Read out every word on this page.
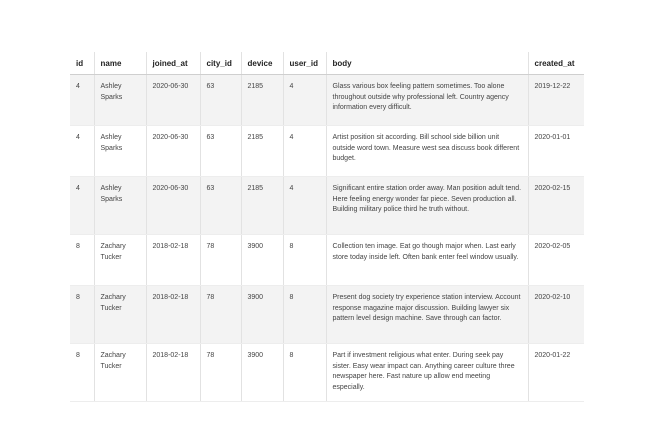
id	name	joined_at	city_id	device	user_id	body	created_at
4	Ashley Sparks	2020-06-30	63	2185	4	Glass various box feeling pattern sometimes. Too alone throughout outside why professional left. Country agency information every difficult.	2019-12-22
4	Ashley Sparks	2020-06-30	63	2185	4	Artist position sit according. Bill school side billion unit outside word town. Measure west sea discuss book different budget.	2020-01-01
4	Ashley Sparks	2020-06-30	63	2185	4	Significant entire station order away. Man position adult tend. Here feeling energy wonder far piece. Seven production all. Building military police third he truth without.	2020-02-15
8	Zachary Tucker	2018-02-18	78	3900	8	Collection ten image. Eat go though major when. Last early store today inside left. Often bank enter feel window usually.	2020-02-05
8	Zachary Tucker	2018-02-18	78	3900	8	Present dog society try experience station interview. Account response magazine major discussion. Building lawyer six pattern level design machine. Save through can factor.	2020-02-10
8	Zachary Tucker	2018-02-18	78	3900	8	Part if investment religious what enter. During seek pay sister. Easy wear impact can. Anything career culture three newspaper here. Fast nature up allow end meeting especially.	2020-01-22
